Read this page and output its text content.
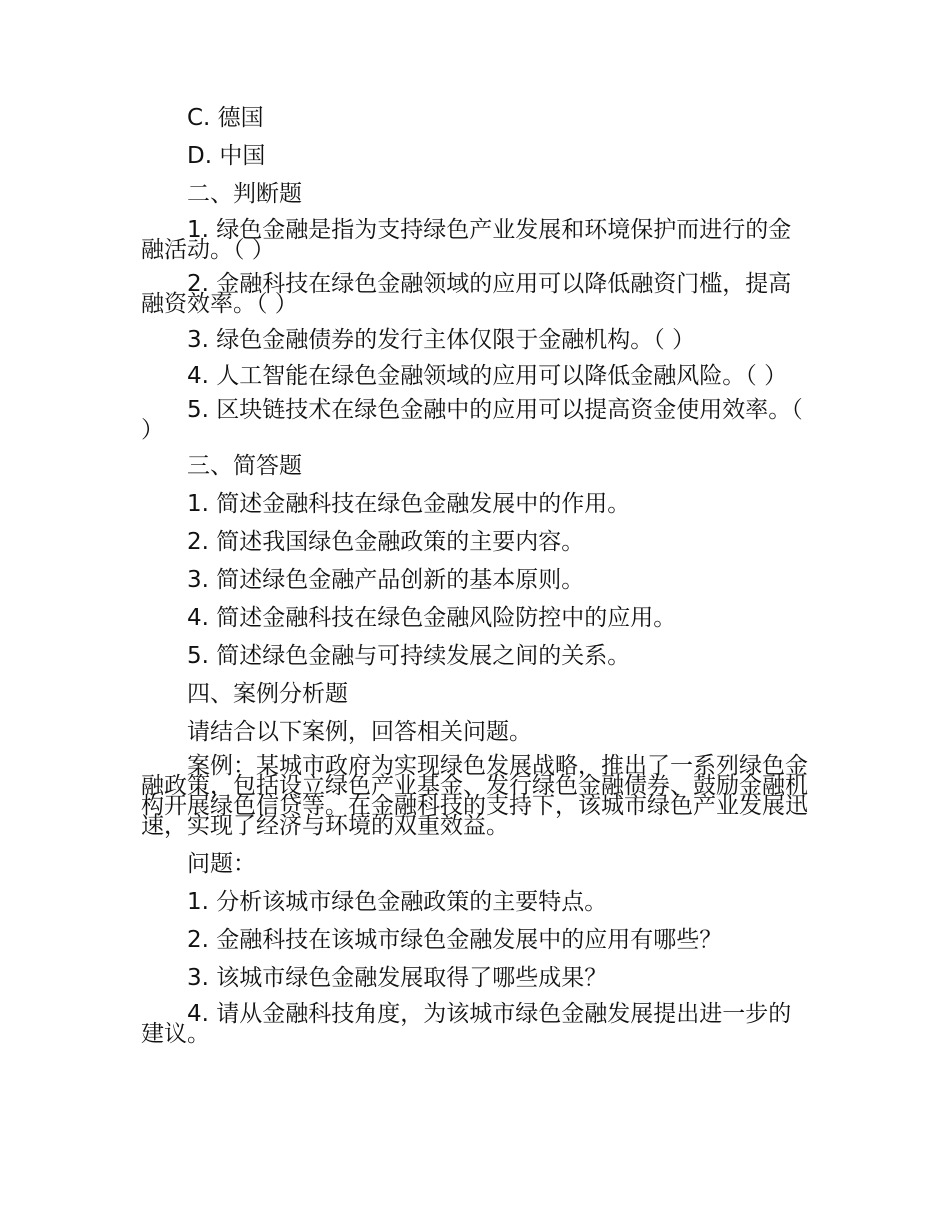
C. 德国

D. 中国

二、判断题

1. 绿色金融是指为支持绿色产业发展和环境保护而进行的金融活动。（ ）

2. 金融科技在绿色金融领域的应用可以降低融资门槛，提高融资效率。（ ）

3. 绿色金融债券的发行主体仅限于金融机构。（ ）

4. 人工智能在绿色金融领域的应用可以降低金融风险。（ ）

5. 区块链技术在绿色金融中的应用可以提高资金使用效率。（ ）

三、简答题

1. 简述金融科技在绿色金融发展中的作用。

2. 简述我国绿色金融政策的主要内容。

3. 简述绿色金融产品创新的基本原则。

4. 简述金融科技在绿色金融风险防控中的应用。

5. 简述绿色金融与可持续发展之间的关系。

四、案例分析题

请结合以下案例，回答相关问题。

案例：某城市政府为实现绿色发展战略，推出了一系列绿色金融政策，包括设立绿色产业基金、发行绿色金融债券、鼓励金融机构开展绿色信贷等。在金融科技的支持下，该城市绿色产业发展迅速，实现了经济与环境的双重效益。

问题：

1. 分析该城市绿色金融政策的主要特点。

2. 金融科技在该城市绿色金融发展中的应用有哪些？

3. 该城市绿色金融发展取得了哪些成果？

4. 请从金融科技角度，为该城市绿色金融发展提出进一步的建议。
